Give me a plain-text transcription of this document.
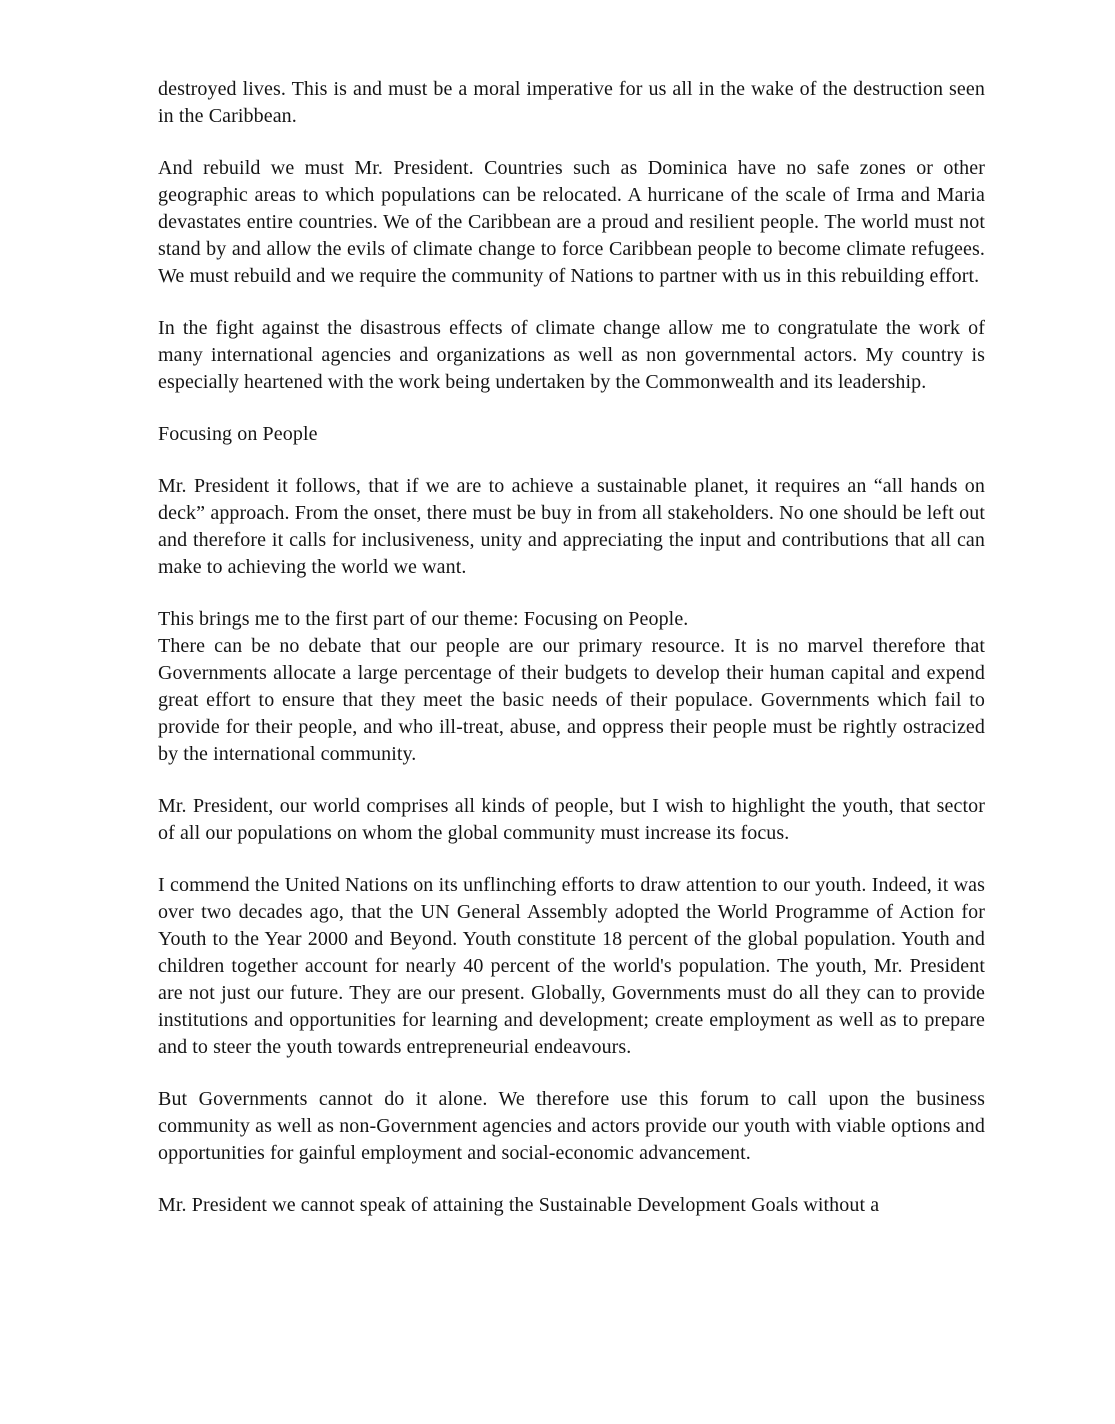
destroyed lives. This is and must be a moral imperative for us all in the wake of the destruction seen in the Caribbean.

And rebuild we must Mr. President. Countries such as Dominica have no safe zones or other geographic areas to which populations can be relocated. A hurricane of the scale of Irma and Maria devastates entire countries. We of the Caribbean are a proud and resilient people. The world must not stand by and allow the evils of climate change to force Caribbean people to become climate refugees. We must rebuild and we require the community of Nations to partner with us in this rebuilding effort.

In the fight against the disastrous effects of climate change allow me to congratulate the work of many international agencies and organizations as well as non governmental actors. My country is especially heartened with the work being undertaken by the Commonwealth and its leadership.

Focusing on People

Mr. President it follows, that if we are to achieve a sustainable planet, it requires an “all hands on deck” approach. From the onset, there must be buy in from all stakeholders. No one should be left out and therefore it calls for inclusiveness, unity and appreciating the input and contributions that all can make to achieving the world we want.

This brings me to the first part of our theme: Focusing on People.

There can be no debate that our people are our primary resource. It is no marvel therefore that Governments allocate a large percentage of their budgets to develop their human capital and expend great effort to ensure that they meet the basic needs of their populace. Governments which fail to provide for their people, and who ill-treat, abuse, and oppress their people must be rightly ostracized by the international community.

Mr. President, our world comprises all kinds of people, but I wish to highlight the youth, that sector of all our populations on whom the global community must increase its focus.

I commend the United Nations on its unflinching efforts to draw attention to our youth. Indeed, it was over two decades ago, that the UN General Assembly adopted the World Programme of Action for Youth to the Year 2000 and Beyond. Youth constitute 18 percent of the global population. Youth and children together account for nearly 40 percent of the world's population. The youth, Mr. President are not just our future. They are our present. Globally, Governments must do all they can to provide institutions and opportunities for learning and development; create employment as well as to prepare and to steer the youth towards entrepreneurial endeavours.

But Governments cannot do it alone. We therefore use this forum to call upon the business community as well as non-Government agencies and actors provide our youth with viable options and opportunities for gainful employment and social-economic advancement.

Mr. President we cannot speak of attaining the Sustainable Development Goals without a
